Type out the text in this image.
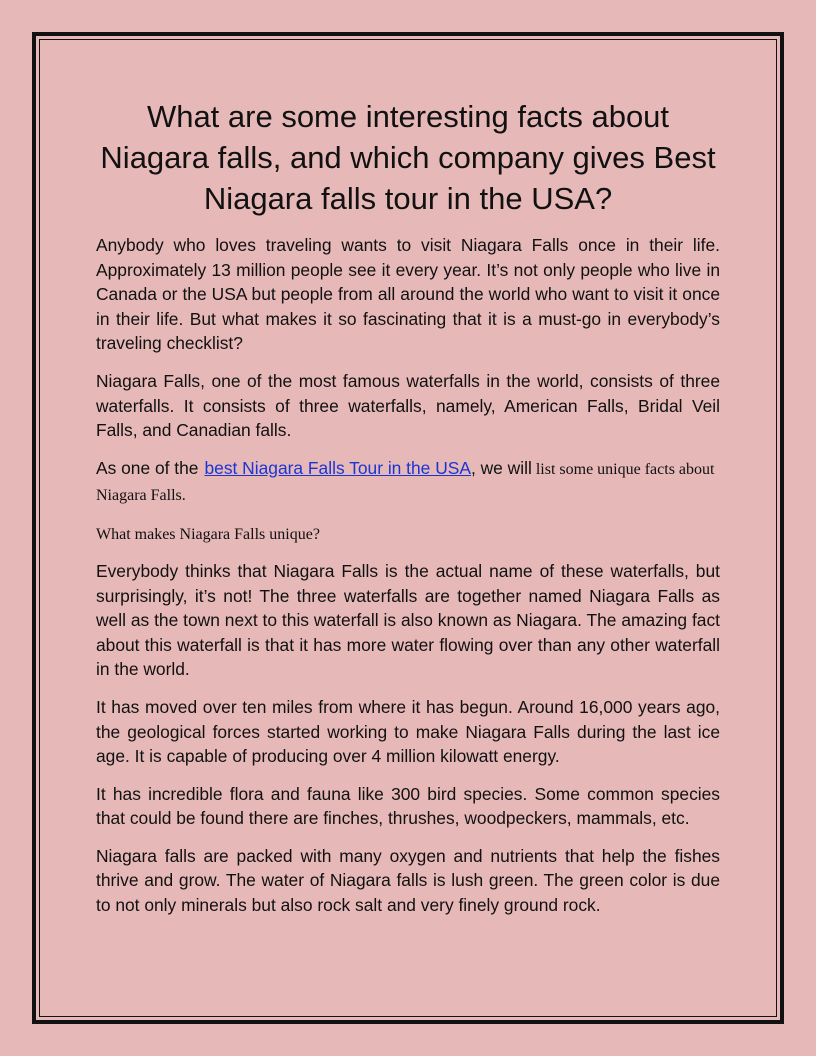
What are some interesting facts about Niagara falls, and which company gives Best Niagara falls tour in the USA?

Anybody who loves traveling wants to visit Niagara Falls once in their life. Approximately 13 million people see it every year. It’s not only people who live in Canada or the USA but people from all around the world who want to visit it once in their life. But what makes it so fascinating that it is a must-go in everybody’s traveling checklist?

Niagara Falls, one of the most famous waterfalls in the world, consists of three waterfalls. It consists of three waterfalls, namely, American Falls, Bridal Veil Falls, and Canadian falls.

As one of the best Niagara Falls Tour in the USA, we will list some unique facts about Niagara Falls.

What makes Niagara Falls unique?

Everybody thinks that Niagara Falls is the actual name of these waterfalls, but surprisingly, it’s not! The three waterfalls are together named Niagara Falls as well as the town next to this waterfall is also known as Niagara. The amazing fact about this waterfall is that it has more water flowing over than any other waterfall in the world.

It has moved over ten miles from where it has begun. Around 16,000 years ago, the geological forces started working to make Niagara Falls during the last ice age. It is capable of producing over 4 million kilowatt energy.

It has incredible flora and fauna like 300 bird species. Some common species that could be found there are finches, thrushes, woodpeckers, mammals, etc.

Niagara falls are packed with many oxygen and nutrients that help the fishes thrive and grow. The water of Niagara falls is lush green. The green color is due to not only minerals but also rock salt and very finely ground rock.
